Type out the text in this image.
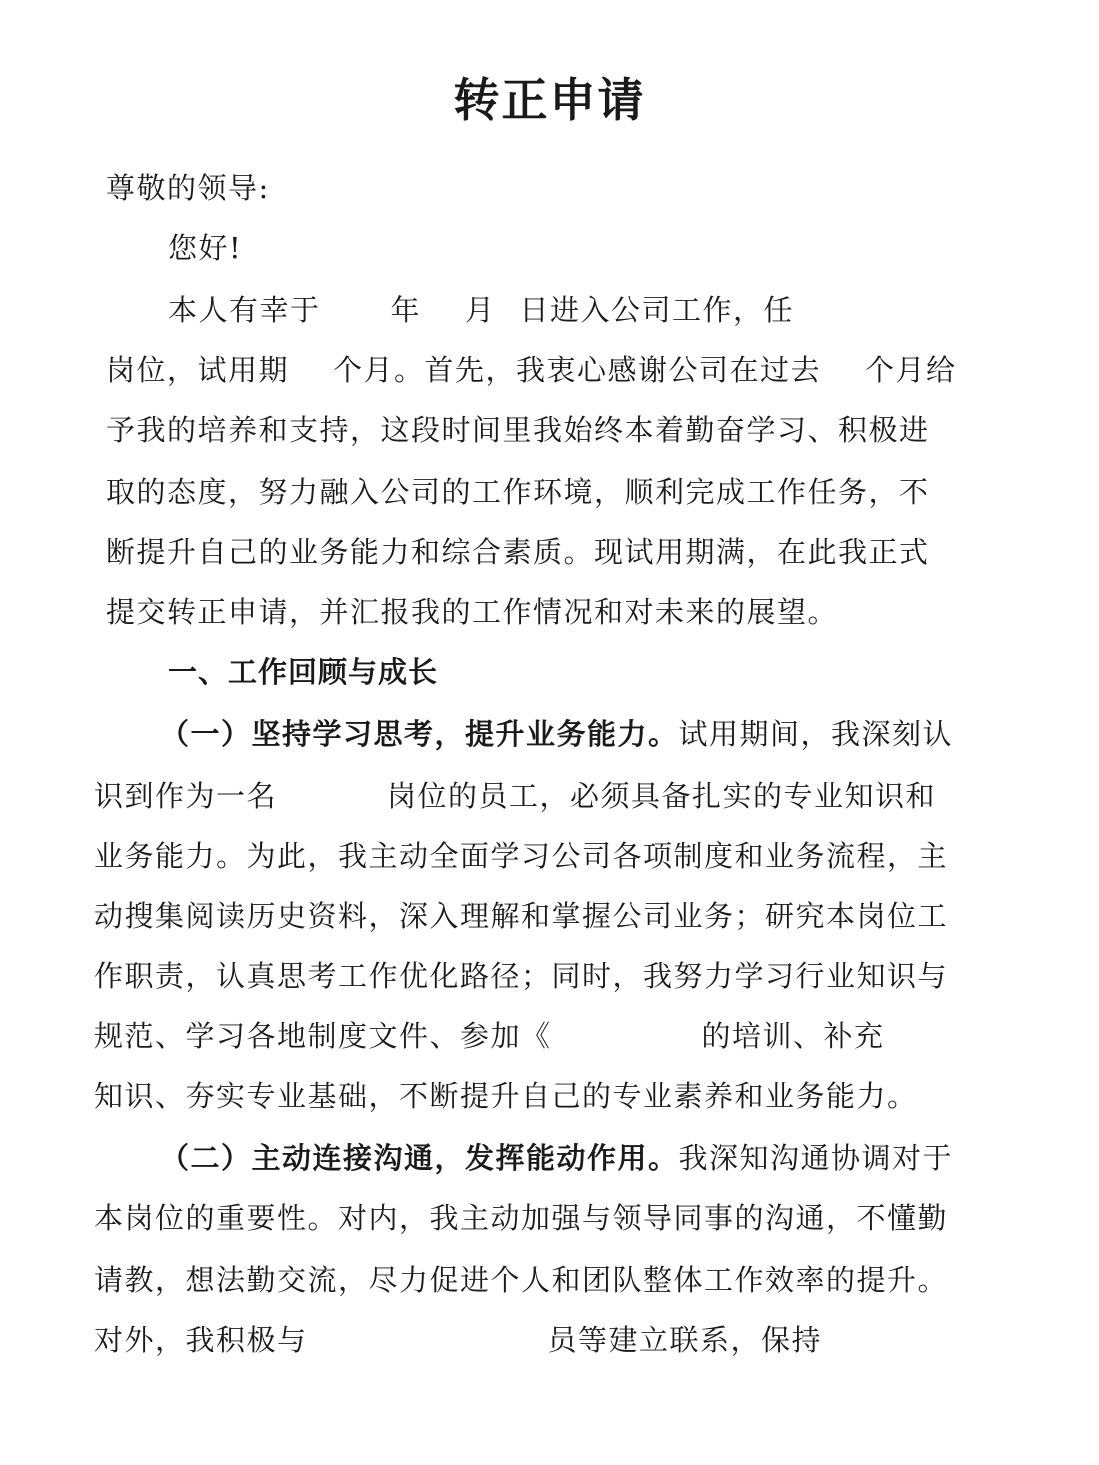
转正申请
尊敬的领导:
您好!
本人有幸于 年 月 日进入公司工作，任
岗位，试用期 个月。首先，我衷心感谢公司在过去 个月给
予我的培养和支持，这段时间里我始终本着勤奋学习、积极进
取的态度，努力融入公司的工作环境，顺利完成工作任务，不
断提升自己的业务能力和综合素质。现试用期满，在此我正式
提交转正申请，并汇报我的工作情况和对未来的展望。
一、工作回顾与成长
（一）坚持学习思考，提升业务能力。试用期间，我深刻认
识到作为一名	岗位的员工，必须具备扎实的专业知识和
业务能力。为此，我主动全面学习公司各项制度和业务流程，主
动搜集阅读历史资料，深入理解和掌握公司业务；研究本岗位工
作职责，认真思考工作优化路径；同时，我努力学习行业知识与
规范、学习各地制度文件、参加《	的培训、补充
知识、夯实专业基础，不断提升自己的专业素养和业务能力。
（二）主动连接沟通，发挥能动作用。我深知沟通协调对于
本岗位的重要性。对内，我主动加强与领导同事的沟通，不懂勤
请教，想法勤交流，尽力促进个人和团队整体工作效率的提升。
对外，我积极与	员等建立联系，保持
